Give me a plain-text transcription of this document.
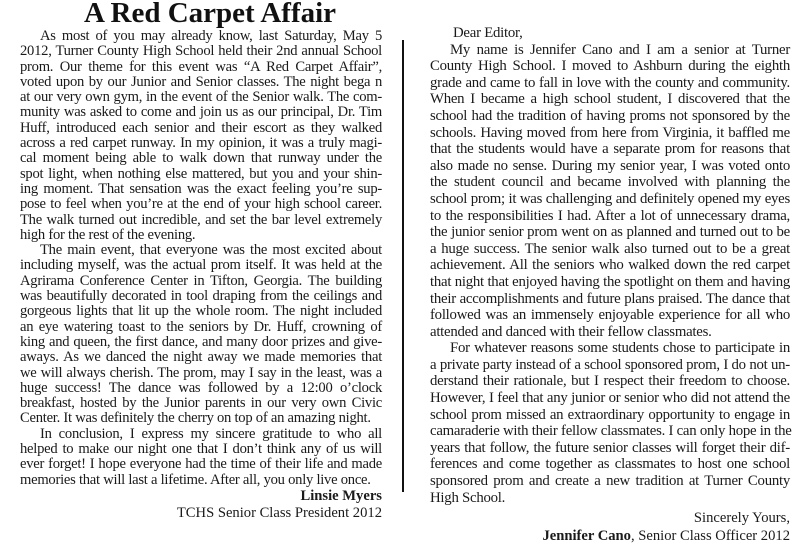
A Red Carpet Affair
As most of you may already know, last Saturday, May 5
2012, Turner County High School held their 2nd annual School
prom. Our theme for this event was “A Red Carpet Affair”,
voted upon by our Junior and Senior classes. The night bega n
at our very own gym, in the event of the Senior walk. The com-
munity was asked to come and join us as our principal, Dr. Tim
Huff, introduced each senior and their escort as they walked
across a red carpet runway. In my opinion, it was a truly magi-
cal moment being able to walk down that runway under the
spot light, when nothing else mattered, but you and your shin-
ing moment. That sensation was the exact feeling you’re sup-
pose to feel when you’re at the end of your high school career.
The walk turned out incredible, and set the bar level extremely
high for the rest of the evening.
The main event, that everyone was the most excited about
including myself, was the actual prom itself. It was held at the
Agrirama Conference Center in Tifton, Georgia. The building
was beautifully decorated in tool draping from the ceilings and
gorgeous lights that lit up the whole room. The night included
an eye watering toast to the seniors by Dr. Huff, crowning of
king and queen, the first dance, and many door prizes and give-
aways. As we danced the night away we made memories that
we will always cherish. The prom, may I say in the least, was a
huge success! The dance was followed by a 12:00 o’clock
breakfast, hosted by the Junior parents in our very own Civic
Center. It was definitely the cherry on top of an amazing night.
In conclusion, I express my sincere gratitude to who all
helped to make our night one that I don’t think any of us will
ever forget! I hope everyone had the time of their life and made
memories that will last a lifetime. After all, you only live once.
Linsie Myers
TCHS Senior Class President 2012
Dear Editor,
My name is Jennifer Cano and I am a senior at Turner
County High School. I moved to Ashburn during the eighth
grade and came to fall in love with the county and community.
When I became a high school student, I discovered that the
school had the tradition of having proms not sponsored by the
schools. Having moved from here from Virginia, it baffled me
that the students would have a separate prom for reasons that
also made no sense. During my senior year, I was voted onto
the student council and became involved with planning the
school prom; it was challenging and definitely opened my eyes
to the responsibilities I had. After a lot of unnecessary drama,
the junior senior prom went on as planned and turned out to be
a huge success. The senior walk also turned out to be a great
achievement. All the seniors who walked down the red carpet
that night that enjoyed having the spotlight on them and having
their accomplishments and future plans praised. The dance that
followed was an immensely enjoyable experience for all who
attended and danced with their fellow classmates.
For whatever reasons some students chose to participate in
a private party instead of a school sponsored prom, I do not un-
derstand their rationale, but I respect their freedom to choose.
However, I feel that any junior or senior who did not attend the
school prom missed an extraordinary opportunity to engage in
camaraderie with their fellow classmates. I can only hope in the
years that follow, the future senior classes will forget their dif-
ferences and come together as classmates to host one school
sponsored prom and create a new tradition at Turner County
High School.
Sincerely Yours,
Jennifer Cano, Senior Class Officer 2012
